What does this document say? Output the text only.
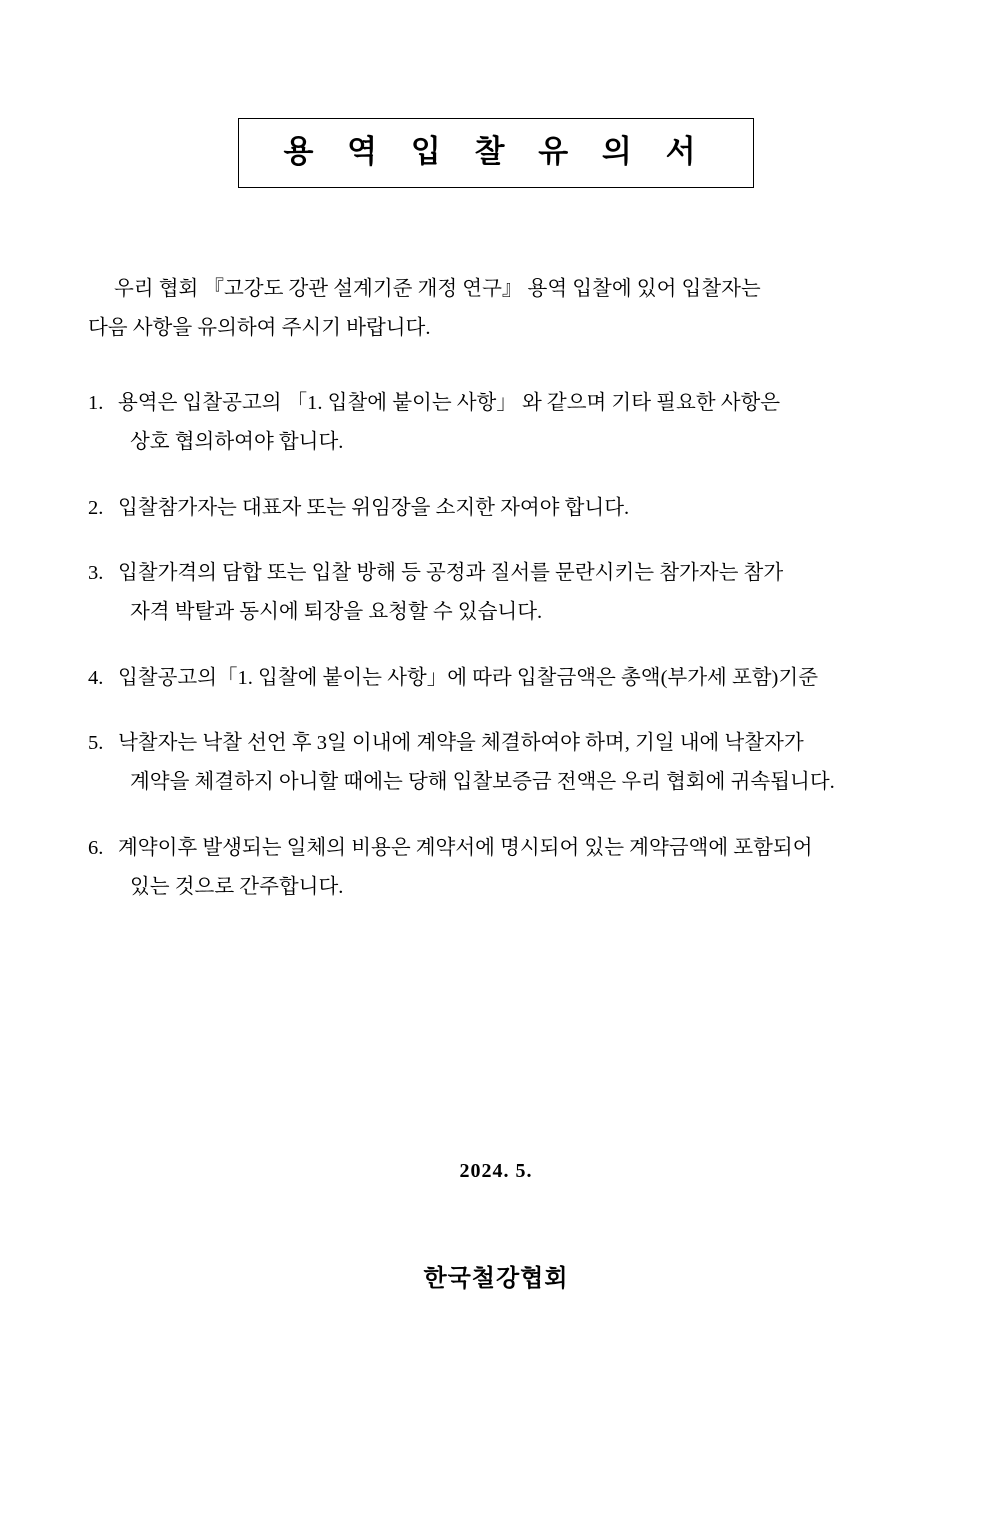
용 역 입 찰 유 의 서
우리 협회 『고강도 강관 설계기준 개정 연구』 용역 입찰에 있어 입찰자는
다음 사항을 유의하여 주시기 바랍니다.
1. 용역은 입찰공고의 「1. 입찰에 붙이는 사항」 와 같으며 기타 필요한 사항은
상호 협의하여야 합니다.
2. 입찰참가자는 대표자 또는 위임장을 소지한 자여야 합니다.
3. 입찰가격의 담합 또는 입찰 방해 등 공정과 질서를 문란시키는 참가자는 참가
자격 박탈과 동시에 퇴장을 요청할 수 있습니다.
4. 입찰공고의「1. 입찰에 붙이는 사항」에 따라 입찰금액은 총액(부가세 포함)기준
5. 낙찰자는 낙찰 선언 후 3일 이내에 계약을 체결하여야 하며, 기일 내에 낙찰자가
계약을 체결하지 아니할 때에는 당해 입찰보증금 전액은 우리 협회에 귀속됩니다.
6. 계약이후 발생되는 일체의 비용은 계약서에 명시되어 있는 계약금액에 포함되어
있는 것으로 간주합니다.
2024. 5.
한국철강협회
